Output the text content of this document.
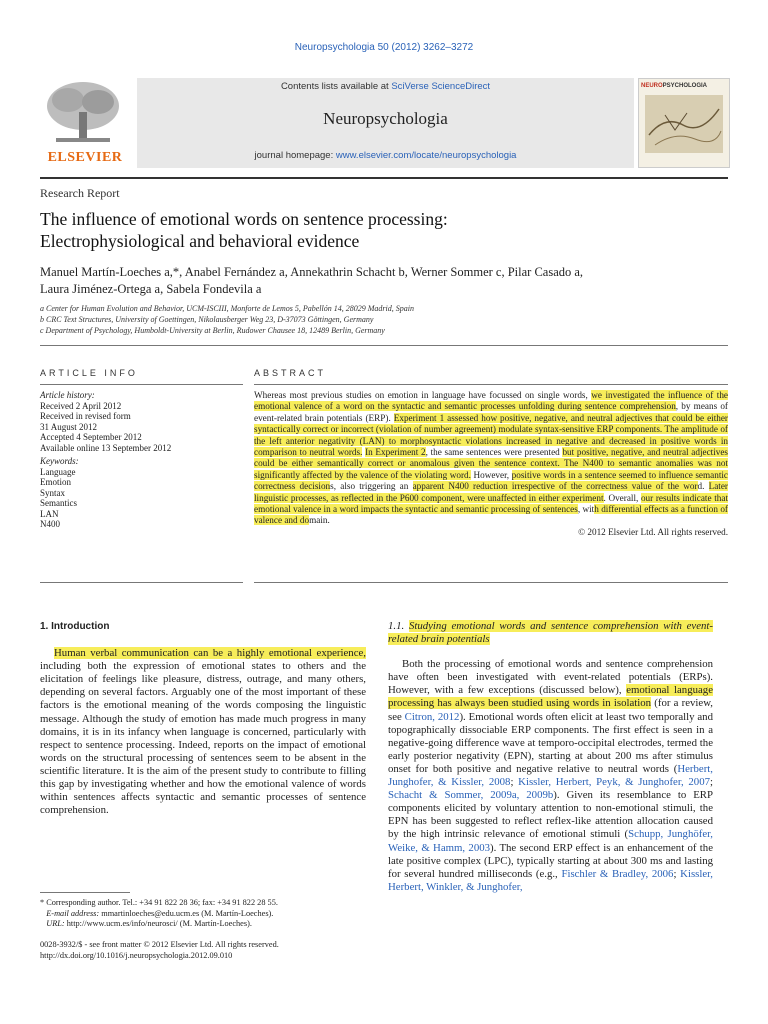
Neuropsychologia 50 (2012) 3262–3272
ELSEVIER
Contents lists available at SciVerse ScienceDirect
Neuropsychologia
journal homepage: www.elsevier.com/locate/neuropsychologia
NEUROPSYCHOLOGIA
Research Report
The influence of emotional words on sentence processing:
Electrophysiological and behavioral evidence
Manuel Martín-Loeches a,*, Anabel Fernández a, Annekathrin Schacht b, Werner Sommer c, Pilar Casado a,
Laura Jiménez-Ortega a, Sabela Fondevila a
a Center for Human Evolution and Behavior, UCM-ISCIII, Monforte de Lemos 5, Pabellón 14, 28029 Madrid, Spain
b CRC Text Structures, University of Goettingen, Nikolausberger Weg 23, D-37073 Göttingen, Germany
c Department of Psychology, Humboldt-University at Berlin, Rudower Chausee 18, 12489 Berlin, Germany
ARTICLE INFO
Article history:
Received 2 April 2012
Received in revised form
31 August 2012
Accepted 4 September 2012
Available online 13 September 2012
Keywords:
Language
Emotion
Syntax
Semantics
LAN
N400
ABSTRACT
Whereas most previous studies on emotion in language have focussed on single words, we investigated the influence of the emotional valence of a word on the syntactic and semantic processes unfolding during sentence comprehension, by means of event-related brain potentials (ERP). Experiment 1 assessed how positive, negative, and neutral adjectives that could be either syntactically correct or incorrect (violation of number agreement) modulate syntax-sensitive ERP components. The amplitude of the left anterior negativity (LAN) to morphosyntactic violations increased in negative and decreased in positive words in comparison to neutral words. In Experiment 2, the same sentences were presented but positive, negative, and neutral adjectives could be either semantically correct or anomalous given the sentence context. The N400 to semantic anomalies was not significantly affected by the valence of the violating word. However, positive words in a sentence seemed to influence semantic correctness decisions, also triggering an apparent N400 reduction irrespective of the correctness value of the word. Later linguistic processes, as reflected in the P600 component, were unaffected in either experiment. Overall, our results indicate that emotional valence in a word impacts the syntactic and semantic processing of sentences, with differential effects as a function of valence and domain.
© 2012 Elsevier Ltd. All rights reserved.
1. Introduction

Human verbal communication can be a highly emotional experience, including both the expression of emotional states to others and the elicitation of feelings like pleasure, distress, outrage, and many others, depending on several factors. Arguably one of the most important of these factors is the emotional meaning of the words composing the linguistic message. Although the study of emotion has made much progress in many domains, it is in its infancy when language is concerned, particularly with respect to sentence processing. Indeed, reports on the impact of emotional words on the structural processing of sentences seem to be absent in the scientific literature. It is the aim of the present study to contribute to filling this gap by investigating whether and how the emotional valence of words within sentences affects syntactic and semantic processes of sentence comprehension.

1.1. Studying emotional words and sentence comprehension with event-related brain potentials

Both the processing of emotional words and sentence comprehension have often been investigated with event-related potentials (ERPs). However, with a few exceptions (discussed below), emotional language processing has always been studied using words in isolation (for a review, see Citron, 2012). Emotional words often elicit at least two temporally and topographically dissociable ERP components. The first effect is seen in a negative-going difference wave at temporo-occipital electrodes, termed the early posterior negativity (EPN), starting at about 200 ms after stimulus onset for both positive and negative relative to neutral words (Herbert, Junghofer, & Kissler, 2008; Kissler, Herbert, Peyk, & Junghofer, 2007; Schacht & Sommer, 2009a, 2009b). Given its resemblance to ERP components elicited by voluntary attention to non-emotional stimuli, the EPN has been suggested to reflect reflex-like attention allocation caused by the high intrinsic relevance of emotional stimuli (Schupp, Junghöfer, Weike, & Hamm, 2003). The second ERP effect is an enhancement of the late positive complex (LPC), typically starting at about 300 ms and lasting for several hundred milliseconds (e.g., Fischler & Bradley, 2006; Kissler, Herbert, Winkler, & Junghofer,

* Corresponding author. Tel.: +34 91 822 28 36; fax: +34 91 822 28 55.
E-mail address: mmartinloeches@edu.ucm.es (M. Martín-Loeches).
URL: http://www.ucm.es/info/neurosci/ (M. Martín-Loeches).
0028-3932/$ - see front matter © 2012 Elsevier Ltd. All rights reserved.
http://dx.doi.org/10.1016/j.neuropsychologia.2012.09.010
